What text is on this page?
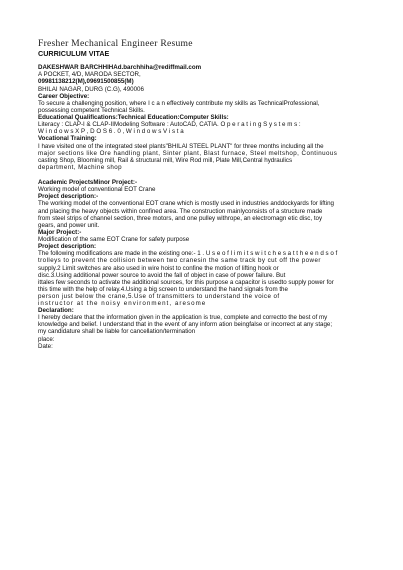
Fresher Mechanical Engineer Resume
CURRICULUM VITAE
DAKESHWAR BARCHHIHAd.barchhiha@rediffmail.com
A POCKET, 4/D, MARODA SECTOR,
09981138212(M),09691500855(M)
BHILAI NAGAR, DURG (C.G), 490006
Career Objective:
To secure a challenging position, where I c a n effectively contribute my skills as TechnicalProfessional,
possessing competent Technical Skills.
Educational Qualifications:Technical Education:Computer Skills:
Literacy : CLAP-I & CLAP-IIModeling Software : AutoCAD, CATIA. O p e r a t i n g S y s t e m s :
W i n d o w s X P , D O S 6 . 0 , W i n d o w s V i s t a
Vocational Training:
I have visited one of the integrated steel plants"BHILAI STEEL PLANT" for three months including all the
major sections like Ore handling plant, Sinter plant, Blast furnace, Steel meltshop, Continuous
casting Shop, Blooming mill, Rail & structural mill, Wire Rod mill, Plate Mill,Central hydraulics
department, Machine shop
Academic ProjectsMinor Project:-
Working model of conventional EOT Crane
Project description:-
The working model of the conventional EOT crane which is mostly used in industries anddockyards for lifting
and placing the heavy objects within confined area. The construction mainlyconsists of a structure made
from steel strips of channel section, three motors, and one pulley withrope, an electromagn etic disc, toy
gears, and power unit.
Major Project:-
Modification of the same EOT Crane for safety purpose
Project description:
The following modifications are made in the existing one:- 1 . U s e o f l i m i t s w i t c h e s a t t h e e n d s o f
trolleys to prevent the collision between two cranesin the same track by cut off the power
supply.2 Limit switches are also used in wire hoist to confine the motion of lifting hook or
disc.3.Using additional power source to avoid the fall of object in case of power failure. But
ittales few seconds to activate the additional sources, for this purpose a capacitor is usedto supply power for
this time with the help of relay.4.Using a big screen to understand the hand signals from the
person just below the crane,5.Use of transmitters to understand the voice of
instructor at the noisy environment, aresome
Declaration:
I hereby declare that the information given in the application is true, complete and correctto the best of my
knowledge and belief. I understand that in the event of any inform ation beingfalse or incorrect at any stage;
my candidature shall be liable for cancellation/termination
place:
Date:
